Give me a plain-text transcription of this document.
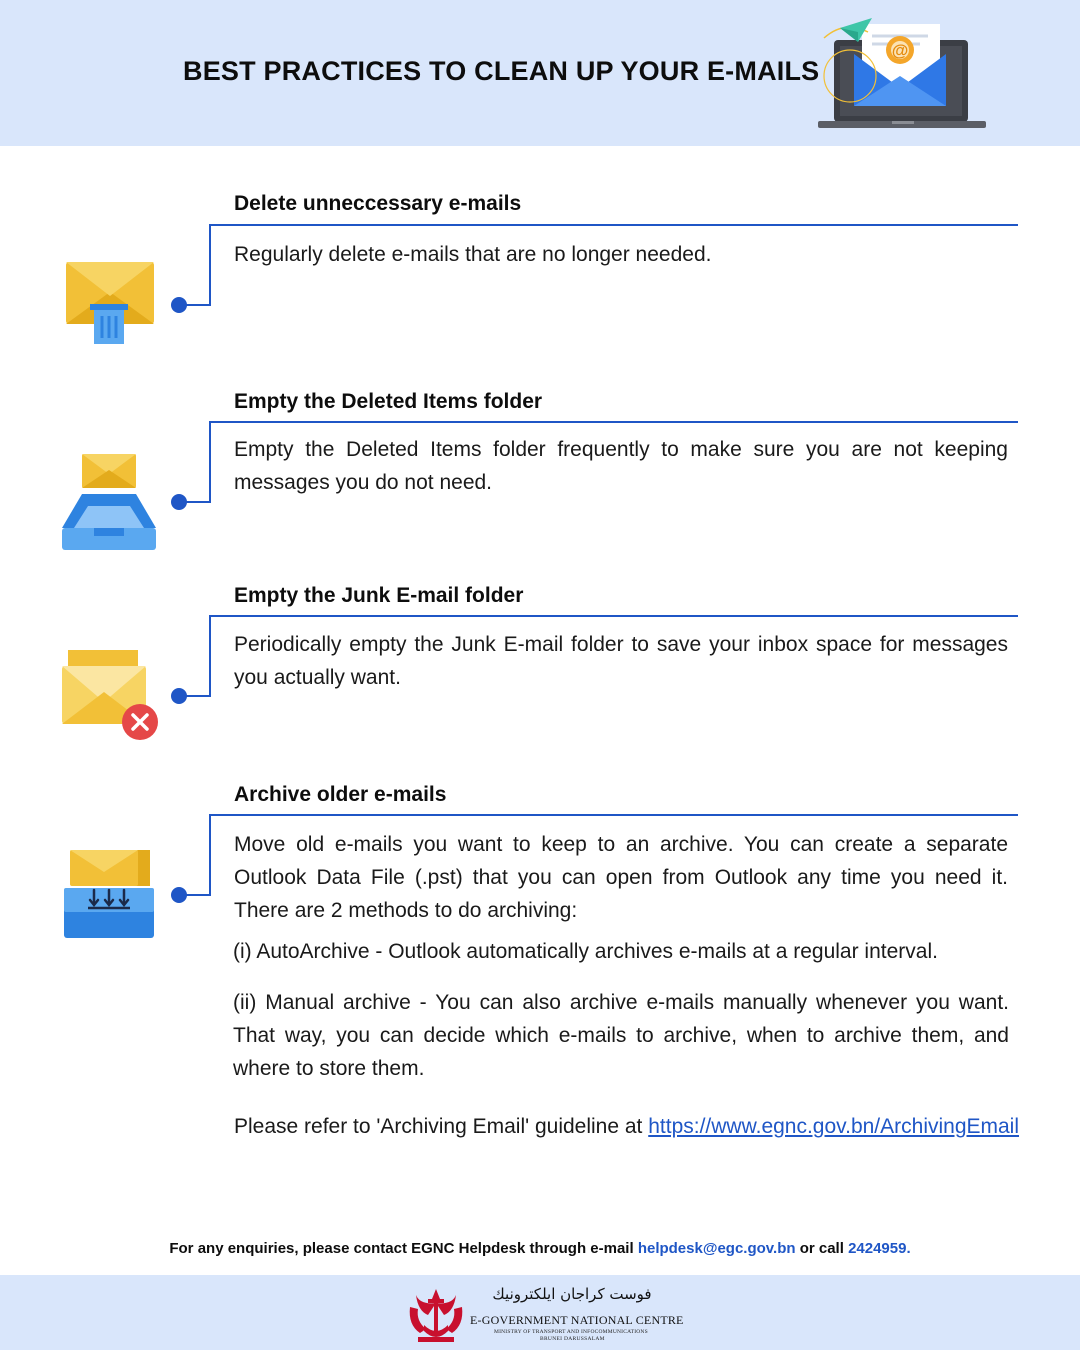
BEST PRACTICES TO CLEAN UP YOUR E-MAILS
@
Delete unneccessary e-mails
Regularly delete e-mails that are no longer needed.
Empty the Deleted Items folder
Empty the Deleted Items folder frequently to make sure you are not keeping messages you do not need.
Empty the Junk E-mail folder
Periodically empty the Junk E-mail folder to save your inbox space for messages you actually want.
Archive older e-mails
Move old e-mails you want to keep to an archive. You can create a separate Outlook Data File (.pst) that you can open from Outlook any time you need it. There are 2 methods to do archiving:
(i) AutoArchive - Outlook automatically archives e-mails at a regular interval.
(ii) Manual archive - You can also archive e-mails manually whenever you want. That way, you can decide which e-mails to archive, when to archive them, and where to store them.
Please refer to 'Archiving Email' guideline at https://www.egnc.gov.bn/ArchivingEmail
For any enquiries, please contact EGNC Helpdesk through e-mail helpdesk@egc.gov.bn or call 2424959.
فوست كراجان ايلكترونيك
E-GOVERNMENT NATIONAL CENTRE
MINISTRY OF TRANSPORT AND INFOCOMMUNICATIONS
BRUNEI DARUSSALAM
